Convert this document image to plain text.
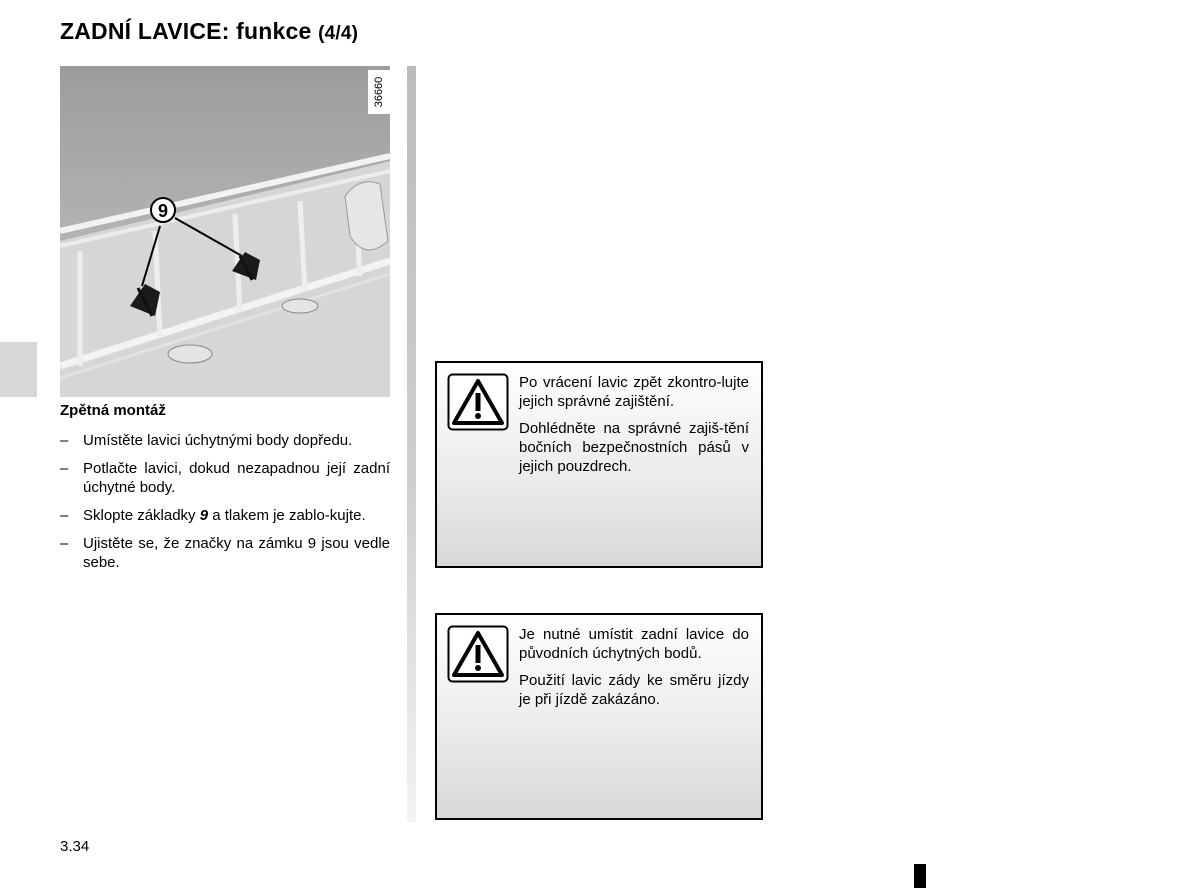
ZADNÍ LAVICE: funkce (4/4)
9
36660
Zpětná montáž
– Umístěte lavici úchytnými body dopředu.
– Potlačte lavici, dokud nezapadnou její zadní úchytné body.
– Sklopte základky 9 a tlakem je zablo-kujte.
– Ujistěte se, že značky na zámku 9 jsou vedle sebe.

Po vrácení lavic zpět zkontro-lujte jejich správné zajištění.

Dohlédněte na správné zajiš-tění bočních bezpečnostních pásů v jejich pouzdrech.

Je nutné umístit zadní lavice do původních úchytných bodů.

Použití lavic zády ke směru jízdy je při jízdě zakázáno.

3.34
